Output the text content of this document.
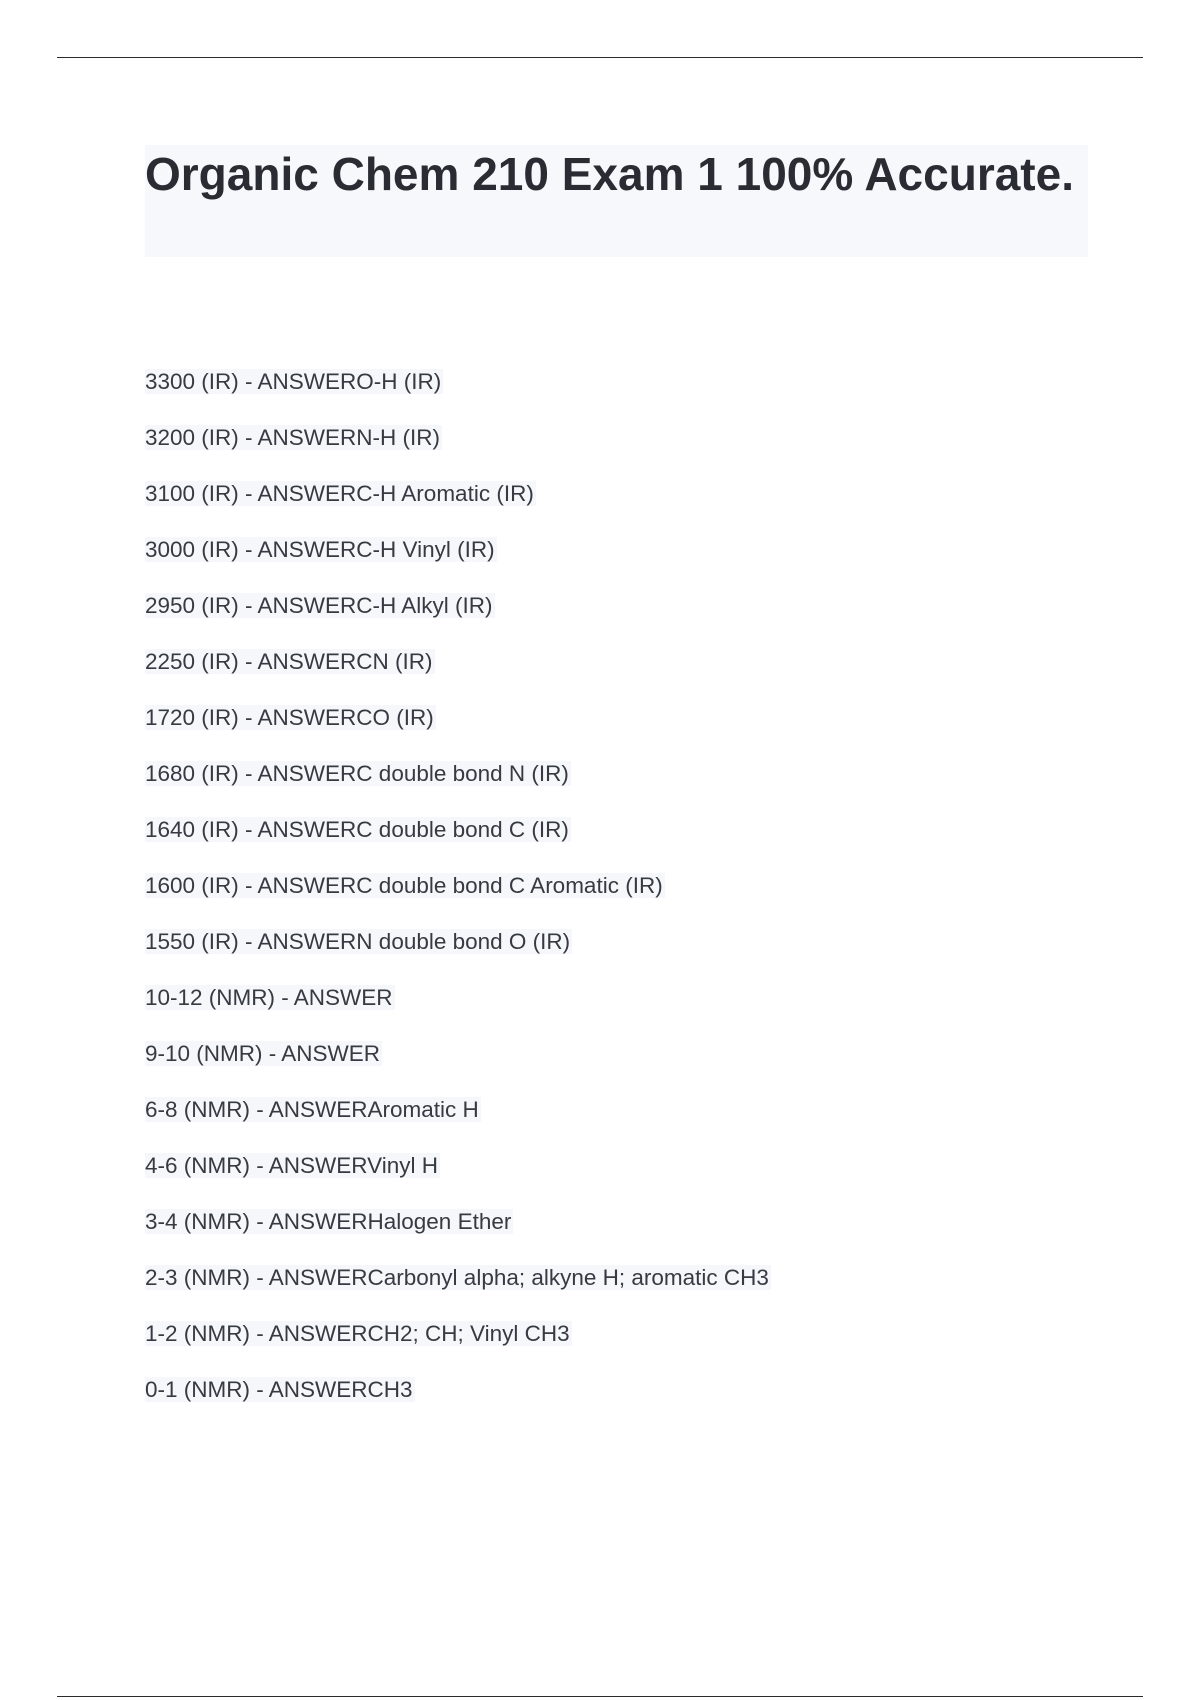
Organic Chem 210 Exam 1 100% Accurate.
3300 (IR) - ANSWERO-H (IR)
3200 (IR) - ANSWERN-H (IR)
3100 (IR) - ANSWERC-H Aromatic (IR)
3000 (IR) - ANSWERC-H Vinyl (IR)
2950 (IR) - ANSWERC-H Alkyl (IR)
2250 (IR) - ANSWERCN (IR)
1720 (IR) - ANSWERCO (IR)
1680 (IR) - ANSWERC double bond N (IR)
1640 (IR) - ANSWERC double bond C (IR)
1600 (IR) - ANSWERC double bond C Aromatic (IR)
1550 (IR) - ANSWERN double bond O (IR)
10-12 (NMR) - ANSWER
9-10 (NMR) - ANSWER
6-8 (NMR) - ANSWERAromatic H
4-6 (NMR) - ANSWERVinyl H
3-4 (NMR) - ANSWERHalogen Ether
2-3 (NMR) - ANSWERCarbonyl alpha; alkyne H; aromatic CH3
1-2 (NMR) - ANSWERCH2; CH; Vinyl CH3
0-1 (NMR) - ANSWERCH3
